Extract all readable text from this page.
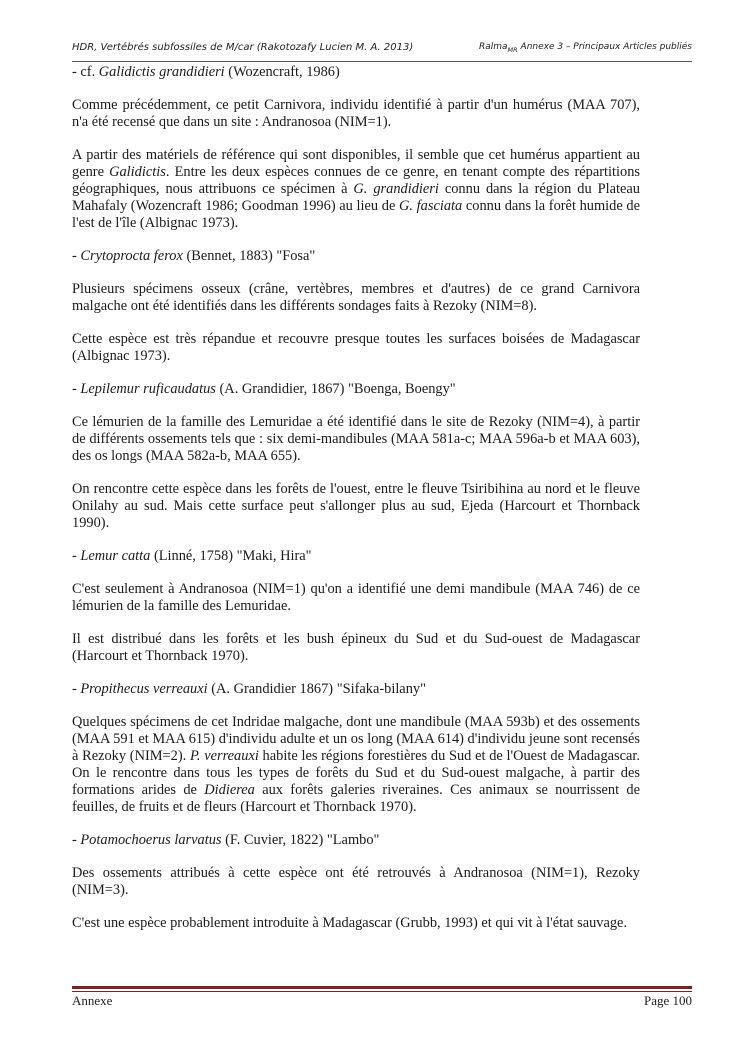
HDR, Vertébrés subfossiles de M/car (Rakotozafy Lucien M. A. 2013)	Ralma$_{MR}$ Annexe 3 – Principaux Articles publiés

- cf. Galidictis grandidieri (Wozencraft, 1986)

Comme précédemment, ce petit Carnivora, individu identifié à partir d'un humérus (MAA 707), n'a été recensé que dans un site : Andranosoa (NIM=1).

A partir des matériels de référence qui sont disponibles, il semble que cet humérus appartient au genre Galidictis. Entre les deux espèces connues de ce genre, en tenant compte des répartitions géographiques, nous attribuons ce spécimen à G. grandidieri connu dans la région du Plateau Mahafaly (Wozencraft 1986; Goodman 1996) au lieu de G. fasciata connu dans la forêt humide de l'est de l'île (Albignac 1973).

- Crytoprocta ferox (Bennet, 1883) "Fosa"

Plusieurs spécimens osseux (crâne, vertèbres, membres et d'autres) de ce grand Carnivora malgache ont été identifiés dans les différents sondages faits à Rezoky (NIM=8).

Cette espèce est très répandue et recouvre presque toutes les surfaces boisées de Madagascar (Albignac 1973).

- Lepilemur ruficaudatus (A. Grandidier, 1867) "Boenga, Boengy"

Ce lémurien de la famille des Lemuridae a été identifié dans le site de Rezoky (NIM=4), à partir de différents ossements tels que : six demi-mandibules (MAA 581a-c; MAA 596a-b et MAA 603), des os longs (MAA 582a-b, MAA 655).

On rencontre cette espèce dans les forêts de l'ouest, entre le fleuve Tsiribihina au nord et le fleuve Onilahy au sud. Mais cette surface peut s'allonger plus au sud, Ejeda (Harcourt et Thornback 1990).

- Lemur catta (Linné, 1758) "Maki, Hira"

C'est seulement à Andranosoa (NIM=1) qu'on a identifié une demi mandibule (MAA 746) de ce lémurien de la famille des Lemuridae.

Il est distribué dans les forêts et les bush épineux du Sud et du Sud-ouest de Madagascar (Harcourt et Thornback 1970).

- Propithecus verreauxi (A. Grandidier 1867) "Sifaka-bilany"

Quelques spécimens de cet Indridae malgache, dont une mandibule (MAA 593b) et des ossements (MAA 591 et MAA 615) d'individu adulte et un os long (MAA 614) d'individu jeune sont recensés à Rezoky (NIM=2). P. verreauxi habite les régions forestières du Sud et de l'Ouest de Madagascar. On le rencontre dans tous les types de forêts du Sud et du Sud-ouest malgache, à partir des formations arides de Didierea aux forêts galeries riveraines. Ces animaux se nourrissent de feuilles, de fruits et de fleurs (Harcourt et Thornback 1970).

- Potamochoerus larvatus (F. Cuvier, 1822) "Lambo"

Des ossements attribués à cette espèce ont été retrouvés à Andranosoa (NIM=1), Rezoky (NIM=3).

C'est une espèce probablement introduite à Madagascar (Grubb, 1993) et qui vit à l'état sauvage.

Annexe	Page 100
